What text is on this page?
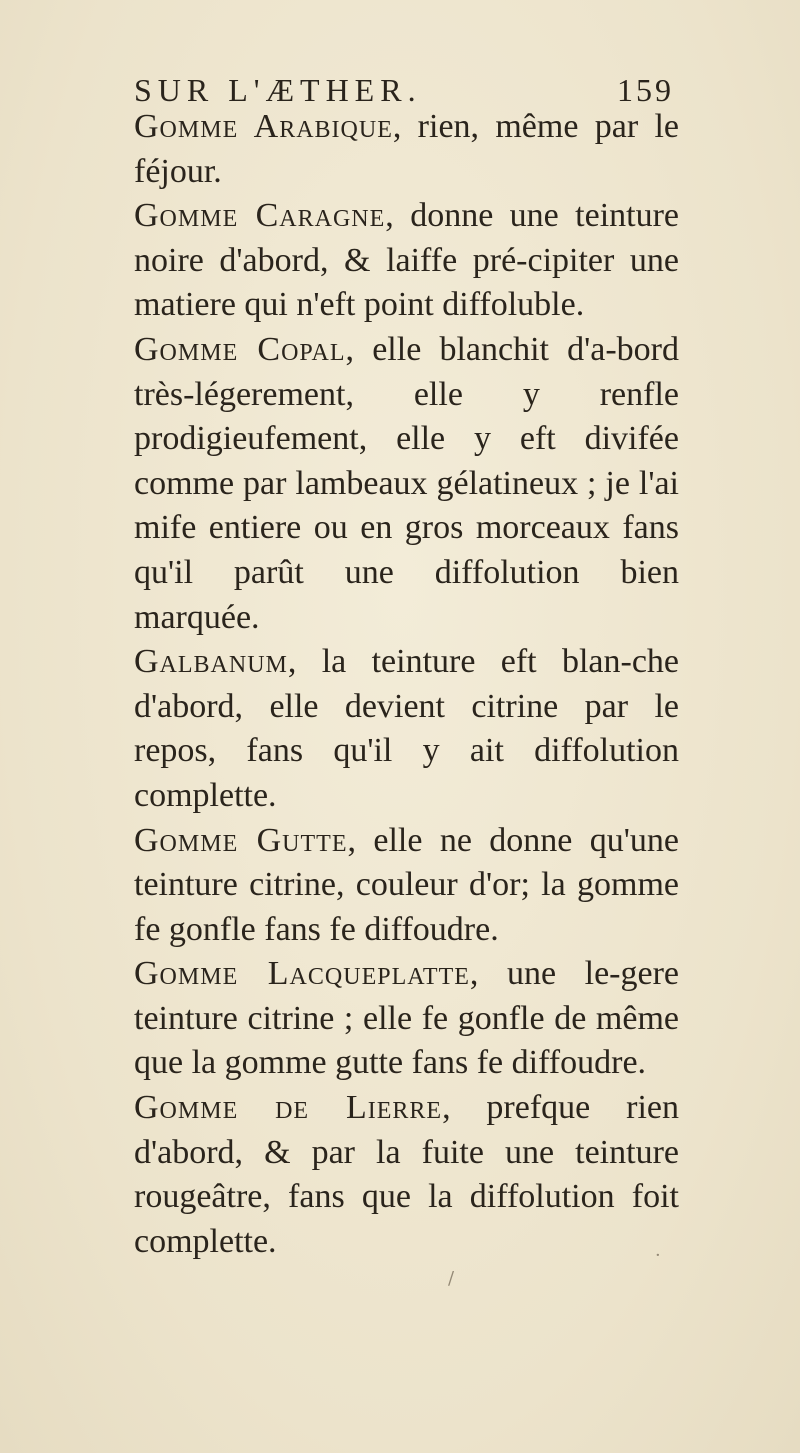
SUR L'ÆTHER.	159

Gomme Arabique, rien, même par le féjour.

Gomme Caragne, donne une teinture noire d'abord, & laiffe pré-cipiter une matiere qui n'eft point diffoluble.

Gomme Copal, elle blanchit d'a-bord très-légerement, elle y renfle prodigieufement, elle y eft divifée comme par lambeaux gélatineux ; je l'ai mife entiere ou en gros morceaux fans qu'il parût une diffolution bien marquée.

Galbanum, la teinture eft blan-che d'abord, elle devient citrine par le repos, fans qu'il y ait diffolution complette.

Gomme Gutte, elle ne donne qu'une teinture citrine, couleur d'or; la gomme fe gonfle fans fe diffoudre.

Gomme Lacqueplatte, une le-gere teinture citrine ; elle fe gonfle de même que la gomme gutte fans fe diffoudre.

Gomme de Lierre, prefque rien d'abord, & par la fuite une teinture rougeâtre, fans que la diffolution foit complette.	·
/
